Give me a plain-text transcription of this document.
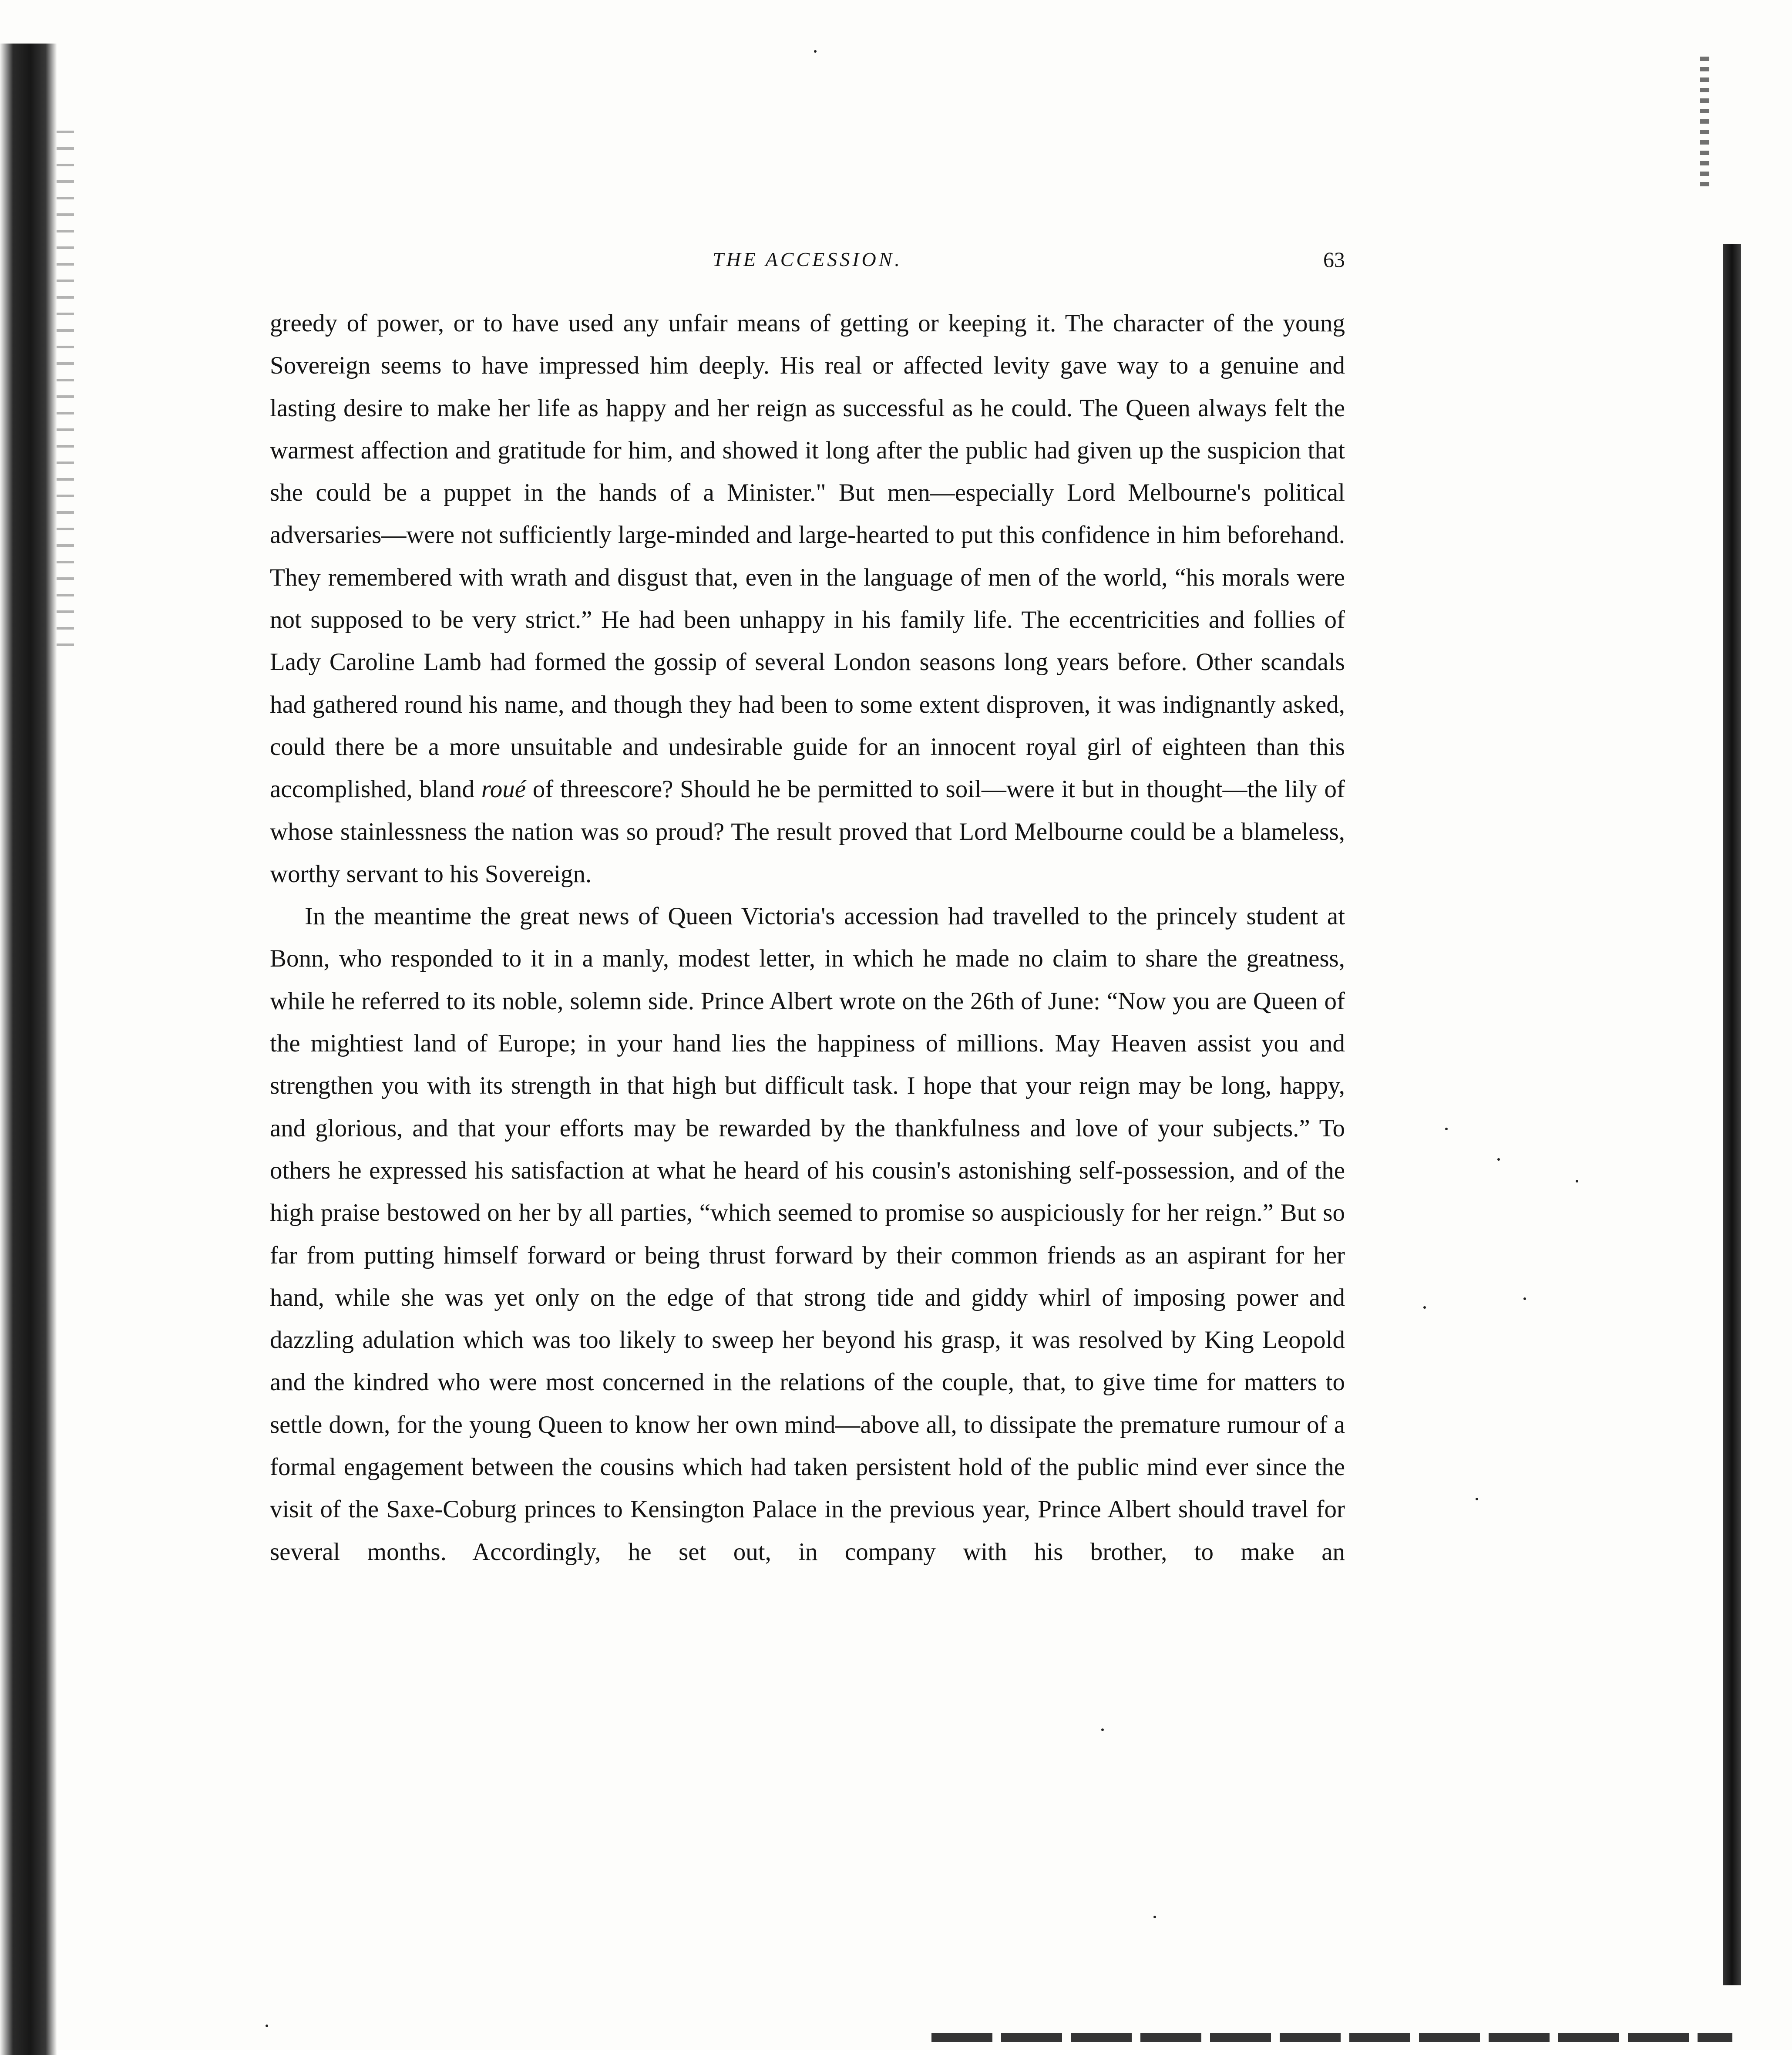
THE ACCESSION.	63

greedy of power, or to have used any unfair means of getting or keeping it. The character of the young Sovereign seems to have impressed him deeply. His real or affected levity gave way to a genuine and lasting desire to make her life as happy and her reign as successful as he could. The Queen always felt the warmest affection and gratitude for him, and showed it long after the public had given up the suspicion that she could be a puppet in the hands of a Minister." But men—especially Lord Melbourne's political adversaries—were not sufficiently large-minded and large-hearted to put this confidence in him beforehand. They remembered with wrath and disgust that, even in the language of men of the world, “his morals were not supposed to be very strict.” He had been unhappy in his family life. The eccentricities and follies of Lady Caroline Lamb had formed the gossip of several London seasons long years before. Other scandals had gathered round his name, and though they had been to some extent disproven, it was indignantly asked, could there be a more unsuitable and undesirable guide for an innocent royal girl of eighteen than this accomplished, bland roué of threescore? Should he be permitted to soil—were it but in thought—the lily of whose stainlessness the nation was so proud? The result proved that Lord Melbourne could be a blameless, worthy servant to his Sovereign.

In the meantime the great news of Queen Victoria's accession had travelled to the princely student at Bonn, who responded to it in a manly, modest letter, in which he made no claim to share the greatness, while he referred to its noble, solemn side. Prince Albert wrote on the 26th of June: “Now you are Queen of the mightiest land of Europe; in your hand lies the happiness of millions. May Heaven assist you and strengthen you with its strength in that high but difficult task. I hope that your reign may be long, happy, and glorious, and that your efforts may be rewarded by the thankfulness and love of your subjects.” To others he expressed his satisfaction at what he heard of his cousin's astonishing self-possession, and of the high praise bestowed on her by all parties, “which seemed to promise so auspiciously for her reign.” But so far from putting himself forward or being thrust forward by their common friends as an aspirant for her hand, while she was yet only on the edge of that strong tide and giddy whirl of imposing power and dazzling adulation which was too likely to sweep her beyond his grasp, it was resolved by King Leopold and the kindred who were most concerned in the relations of the couple, that, to give time for matters to settle down, for the young Queen to know her own mind—above all, to dissipate the premature rumour of a formal engagement between the cousins which had taken persistent hold of the public mind ever since the visit of the Saxe-Coburg princes to Kensington Palace in the previous year, Prince Albert should travel for several months. Accordingly, he set out, in company with his brother, to make an
